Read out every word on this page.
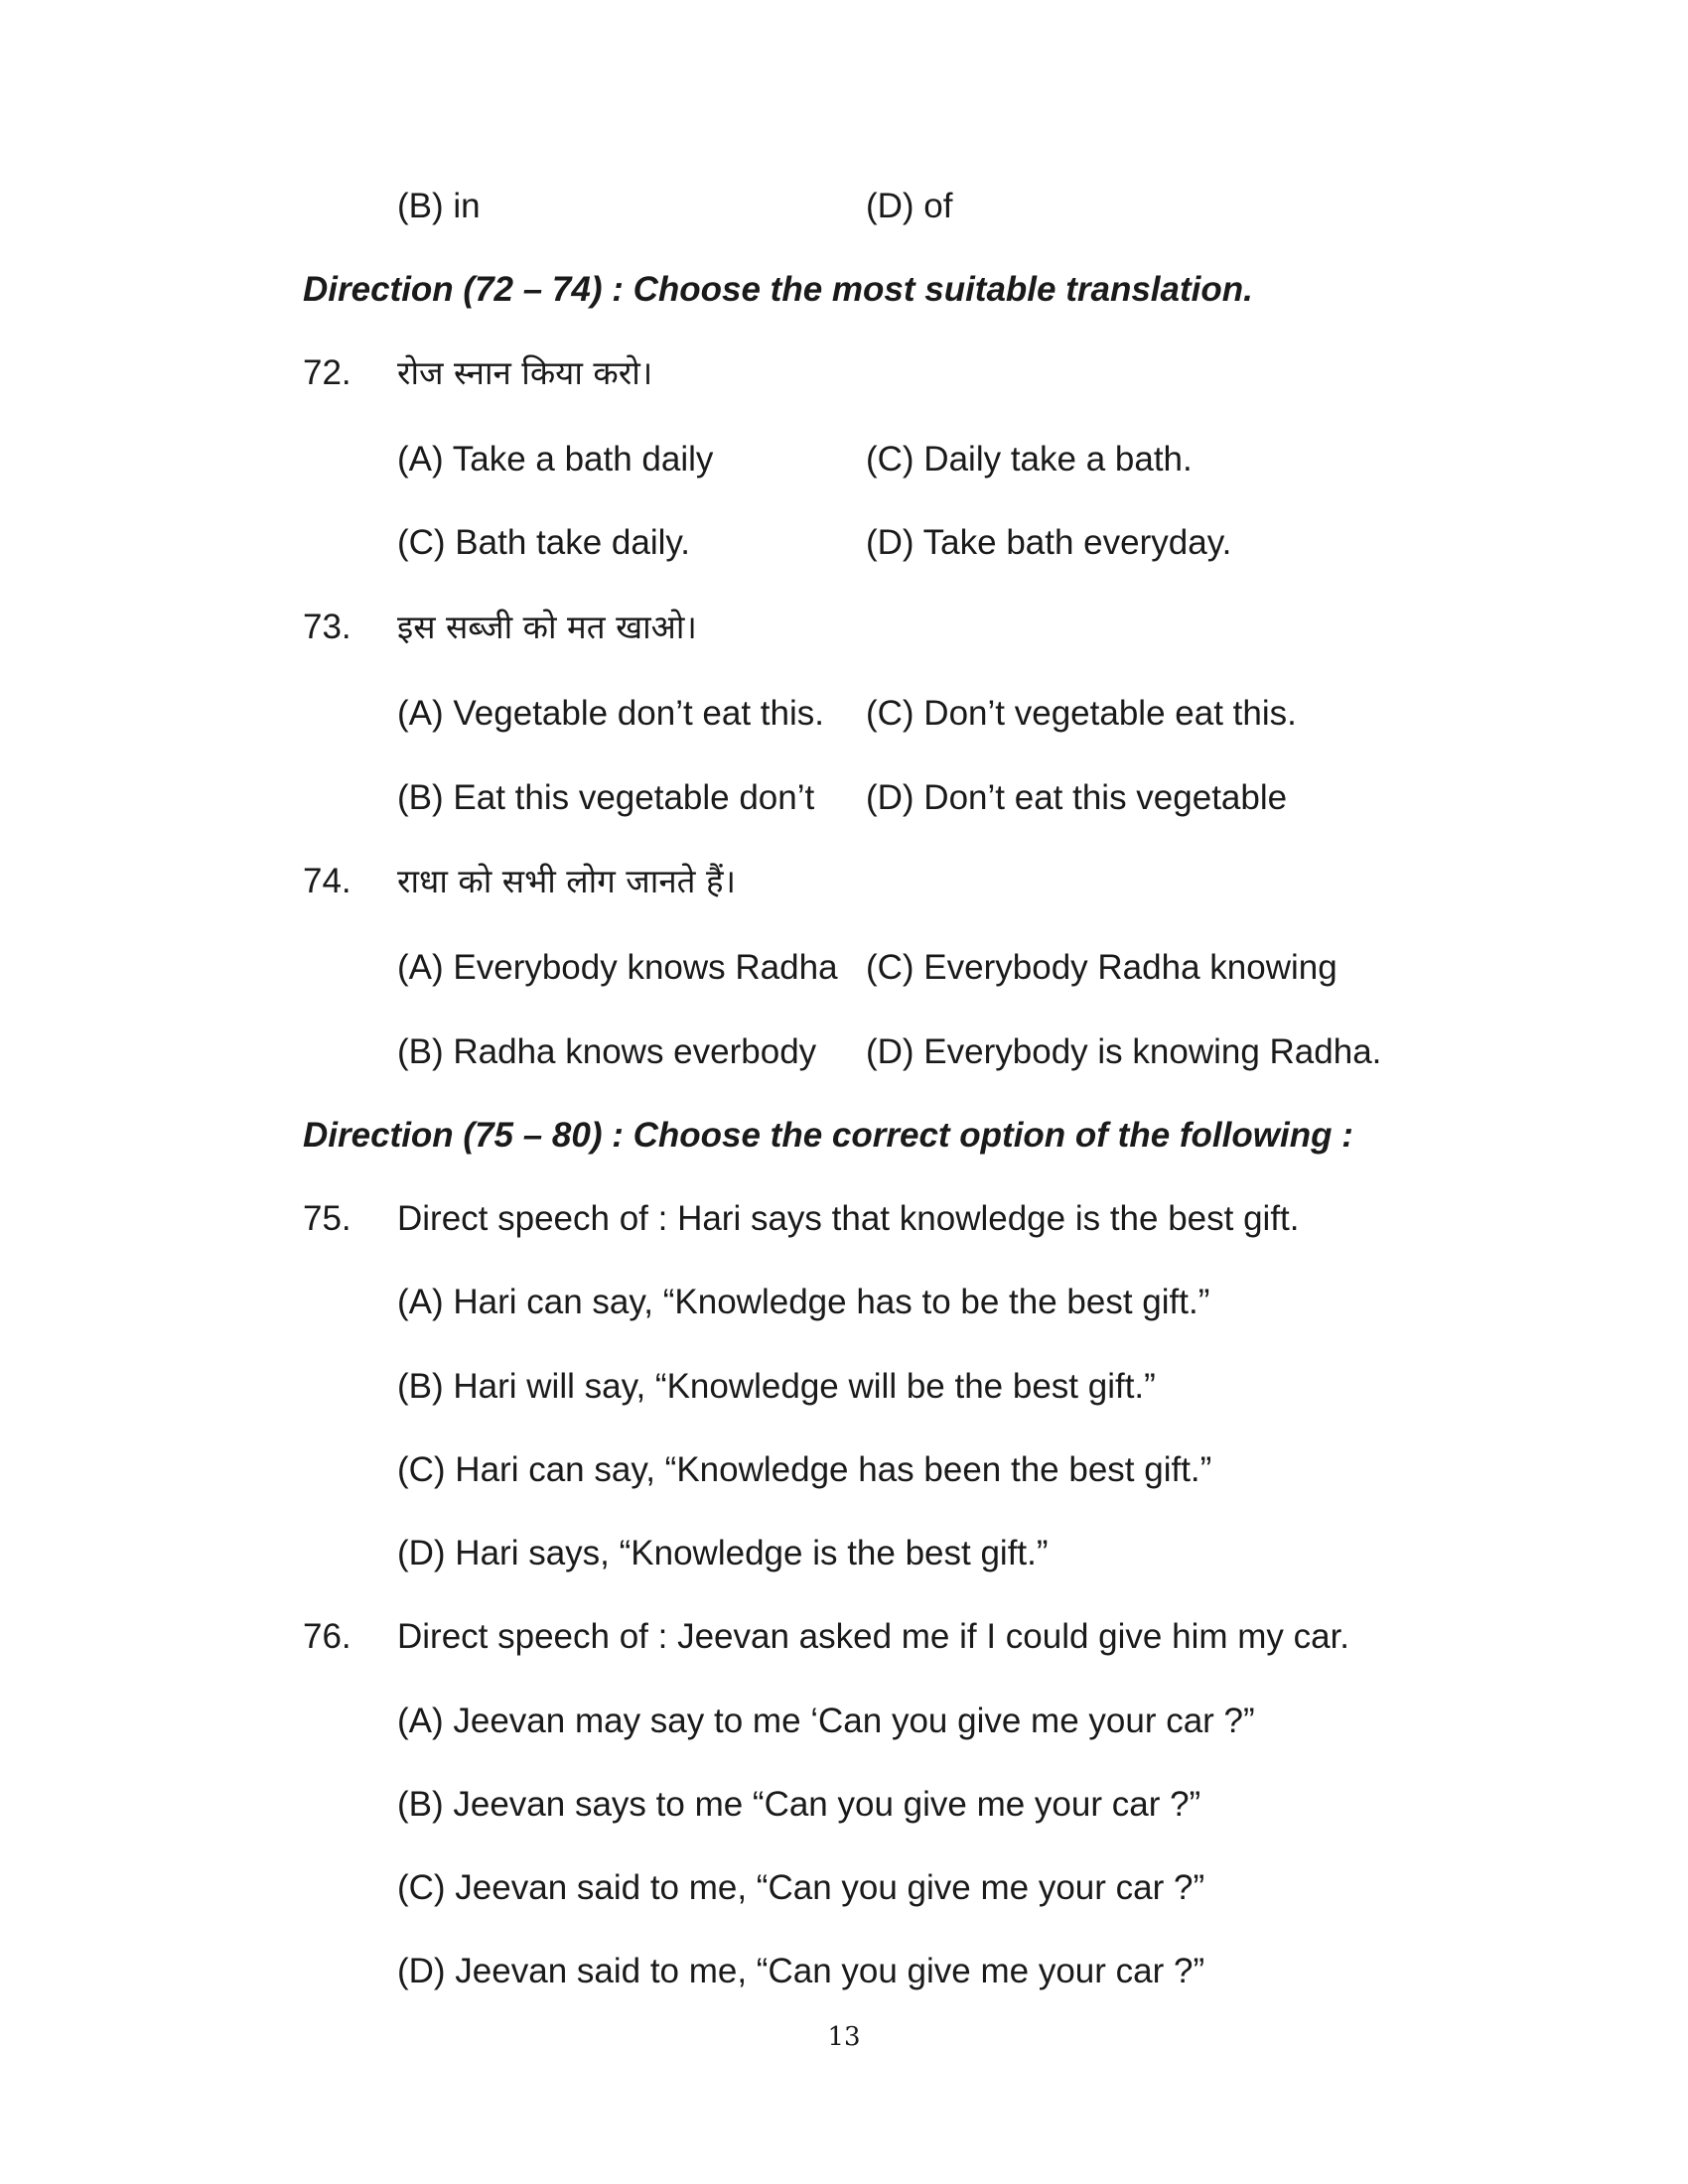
(B) in	(D) of
Direction (72 – 74) : Choose the most suitable translation.
72. रोज स्नान किया करो।
(A) Take a bath daily	(C) Daily take a bath.
(C) Bath take daily.	(D) Take bath everyday.
73. इस सब्जी को मत खाओ।
(A) Vegetable don’t eat this. (C) Don’t vegetable eat this.
(B) Eat this vegetable don’t (D) Don’t eat this vegetable
74. राधा को सभी लोग जानते हैं।
(A) Everybody knows Radha (C) Everybody Radha knowing
(B) Radha knows everbody (D) Everybody is knowing Radha.
Direction (75 – 80) : Choose the correct option of the following :
75. Direct speech of : Hari says that knowledge is the best gift.
(A) Hari can say, “Knowledge has to be the best gift.”
(B) Hari will say, “Knowledge will be the best gift.”
(C) Hari can say, “Knowledge has been the best gift.”
(D) Hari says, “Knowledge is the best gift.”
76. Direct speech of : Jeevan asked me if I could give him my car.
(A) Jeevan may say to me ‘Can you give me your car ?”
(B) Jeevan says to me “Can you give me your car ?”
(C) Jeevan said to me, “Can you give me your car ?”
(D) Jeevan said to me, “Can you give me your car ?”
13
